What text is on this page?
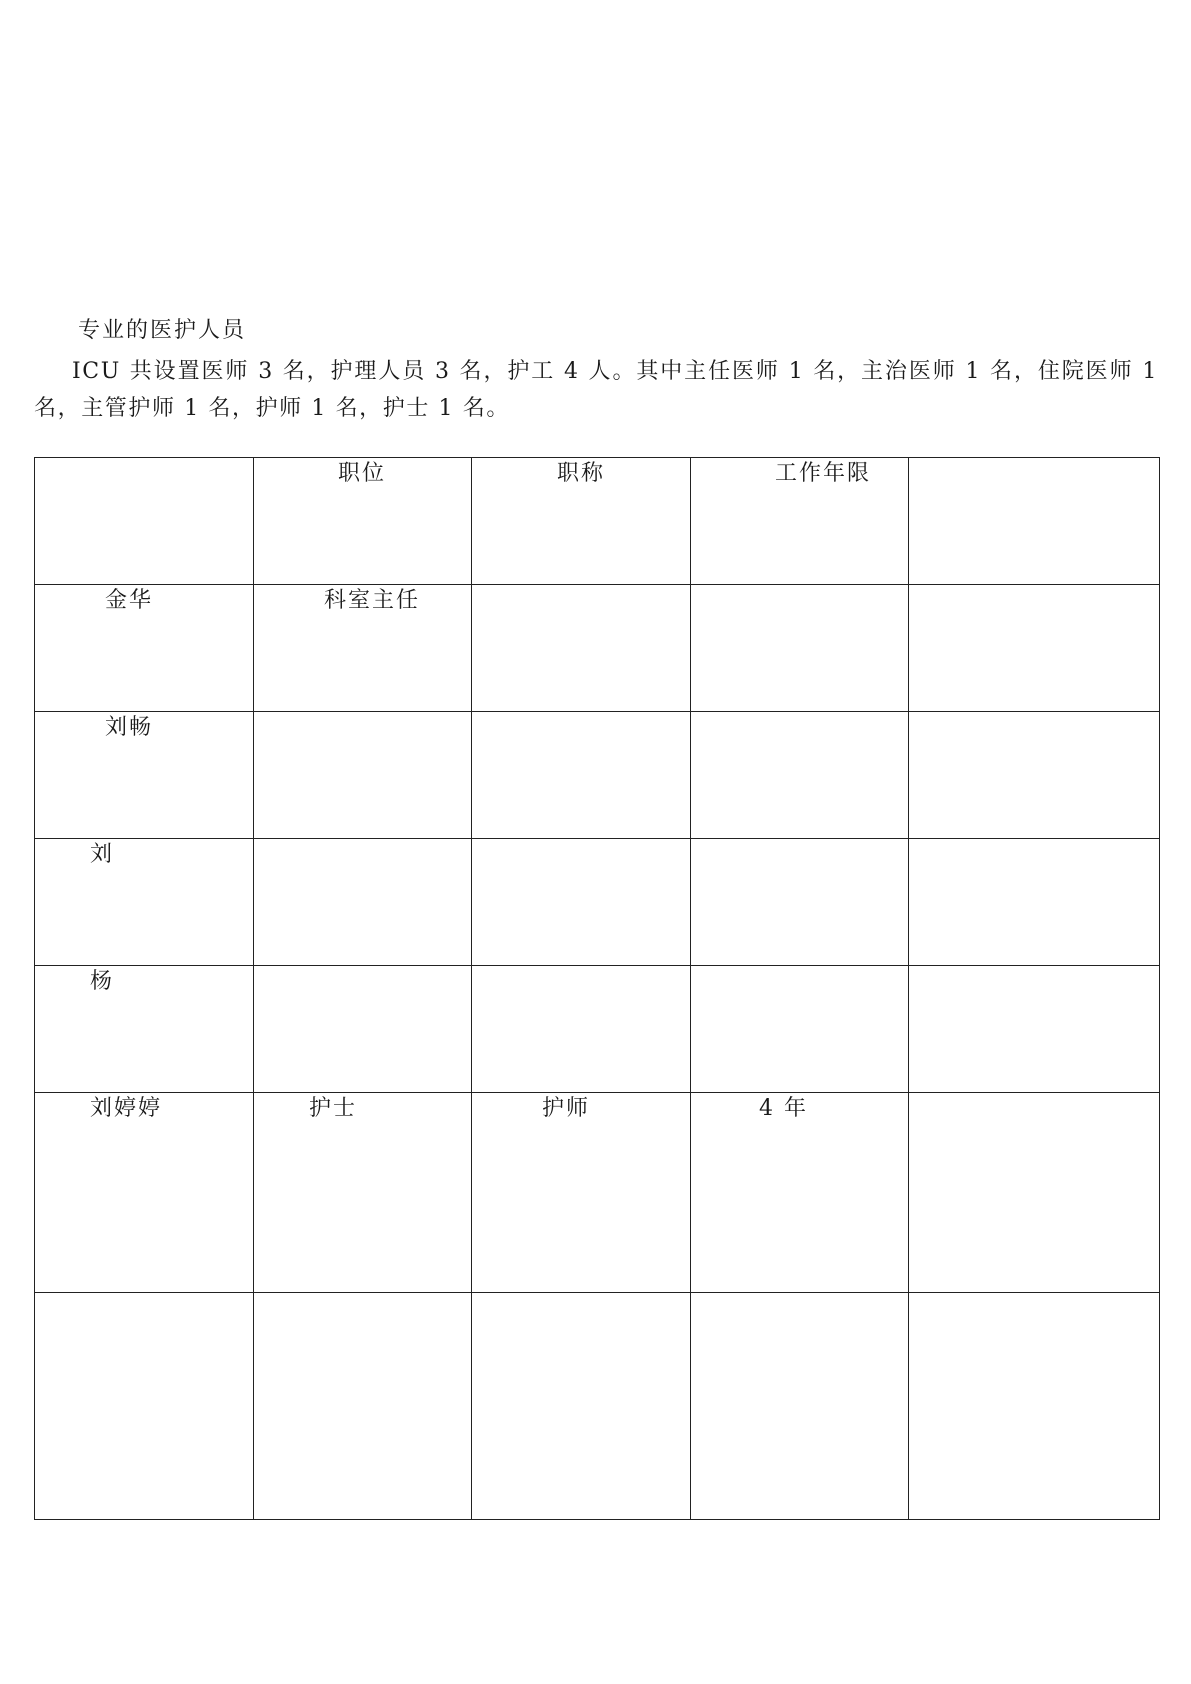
专业的医护人员
ICU 共设置医师 3 名，护理人员 3 名，护工 4 人。其中主任医师 1 名，主治医师 1 名，住院医师 1 名，主管护师 1 名，护师 1 名，护士 1 名。

	职位	职称	工作年限	

金华	科室主任			

刘畅				

刘				

杨				

刘婷婷	护士	护师	4 年	
